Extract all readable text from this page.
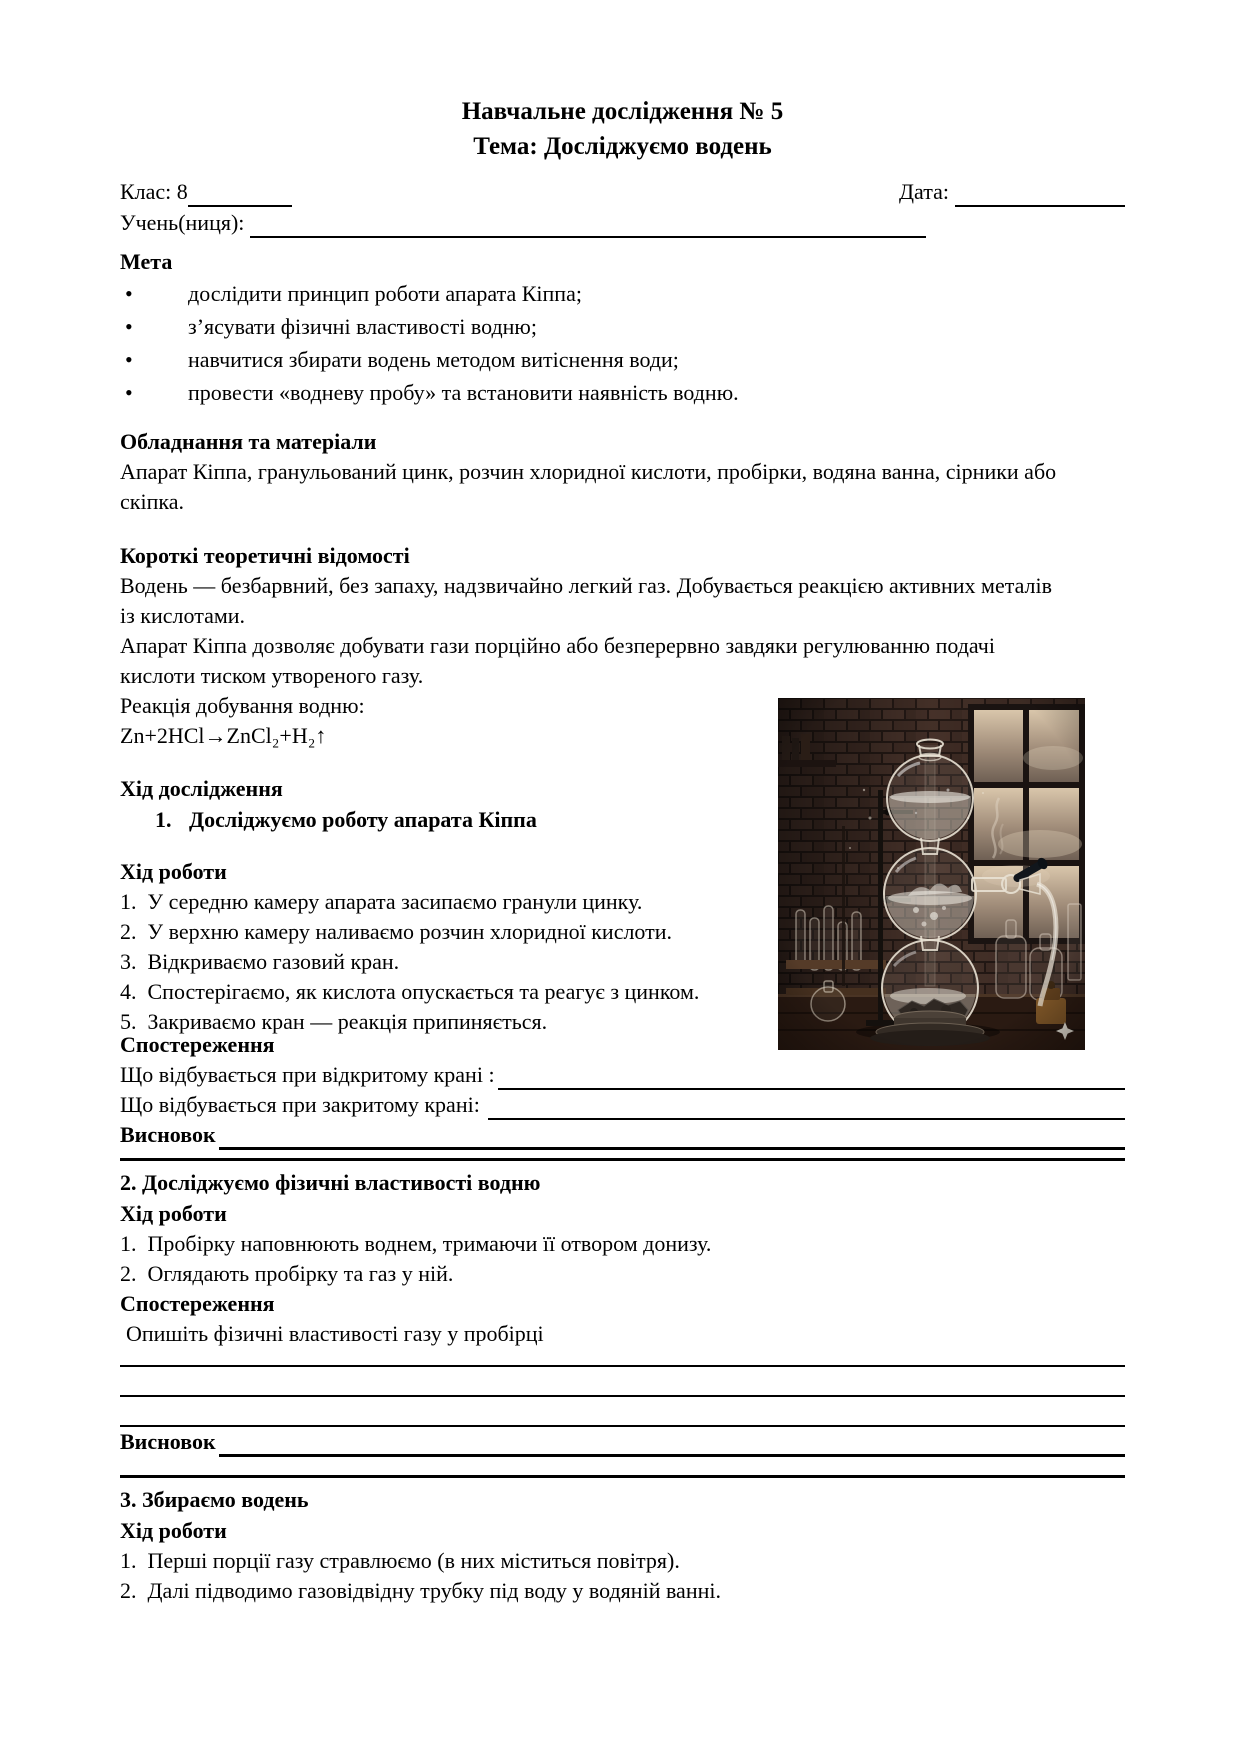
Навчальне дослідження № 5
Тема: Досліджуємо водень
Клас: 8	Дата:
Учень(ниця):
Мета
• дослідити принцип роботи апарата Кіппа;
• з’ясувати фізичні властивості водню;
• навчитися збирати водень методом витіснення води;
• провести «водневу пробу» та встановити наявність водню.
Обладнання та матеріали
Апарат Кіппа, гранульований цинк, розчин хлоридної кислоти, пробірки, водяна ванна, сірники або скіпка.
Короткі теоретичні відомості
Водень — безбарвний, без запаху, надзвичайно легкий газ. Добувається реакцією активних металів із кислотами.
Апарат Кіппа дозволяє добувати гази порційно або безперервно завдяки регулюванню подачі кислоти тиском утвореного газу.
Реакція добування водню:
Zn+2HCl→ZnCl₂+H₂↑
Хід дослідження
1. Досліджуємо роботу апарата Кіппа
Хід роботи
У середню камеру апарата засипаємо гранули цинку.
У верхню камеру наливаємо розчин хлоридної кислоти.
Відкриваємо газовий кран.
Спостерігаємо, як кислота опускається та реагує з цинком.
Закриваємо кран — реакція припиняється.
Спостереження
Що відбувається при відкритому крані :
Що відбувається при закритому крані:
Висновок
2. Досліджуємо фізичні властивості водню
Хід роботи
Пробірку наповнюють воднем, тримаючи її отвором донизу.
Оглядають пробірку та газ у ній.
Спостереження
Опишіть фізичні властивості газу у пробірці
Висновок
3. Збираємо водень
Хід роботи
Перші порції газу стравлюємо (в них міститься повітря).
Далі підводимо газовідвідну трубку під воду у водяній ванні.
